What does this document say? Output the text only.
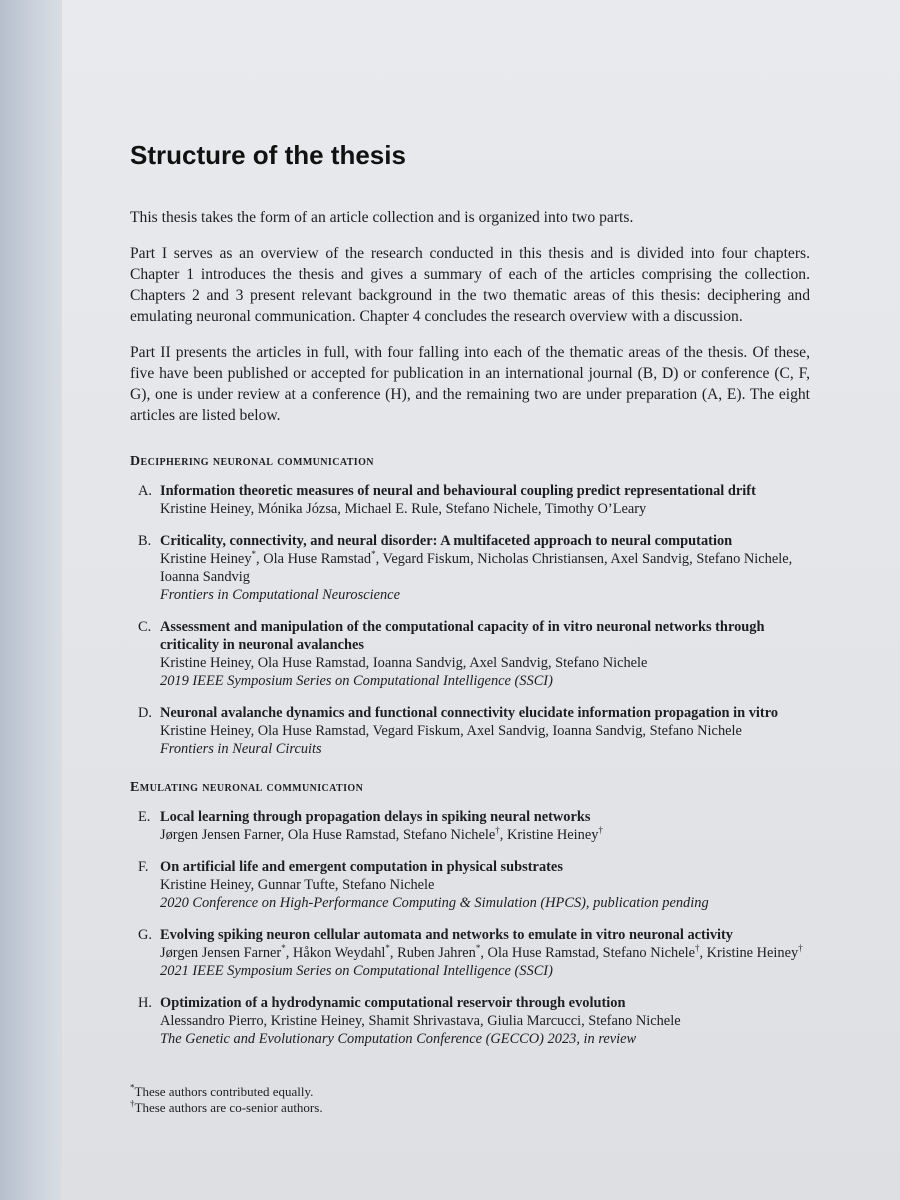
Structure of the thesis

This thesis takes the form of an article collection and is organized into two parts.

Part I serves as an overview of the research conducted in this thesis and is divided into four chapters. Chapter 1 introduces the thesis and gives a summary of each of the articles comprising the collection. Chapters 2 and 3 present relevant background in the two thematic areas of this thesis: deciphering and emulating neuronal communication. Chapter 4 concludes the research overview with a discussion.

Part II presents the articles in full, with four falling into each of the thematic areas of the thesis. Of these, five have been published or accepted for publication in an international journal (B, D) or conference (C, F, G), one is under review at a conference (H), and the remaining two are under preparation (A, E). The eight articles are listed below.

Deciphering neuronal communication
A. Information theoretic measures of neural and behavioural coupling predict representational drift
Kristine Heiney, Mónika Józsa, Michael E. Rule, Stefano Nichele, Timothy O’Leary
B. Criticality, connectivity, and neural disorder: A multifaceted approach to neural computation
Kristine Heiney*, Ola Huse Ramstad*, Vegard Fiskum, Nicholas Christiansen, Axel Sandvig, Stefano Nichele, Ioanna Sandvig
Frontiers in Computational Neuroscience
C. Assessment and manipulation of the computational capacity of in vitro neuronal networks through criticality in neuronal avalanches
Kristine Heiney, Ola Huse Ramstad, Ioanna Sandvig, Axel Sandvig, Stefano Nichele
2019 IEEE Symposium Series on Computational Intelligence (SSCI)
D. Neuronal avalanche dynamics and functional connectivity elucidate information propagation in vitro
Kristine Heiney, Ola Huse Ramstad, Vegard Fiskum, Axel Sandvig, Ioanna Sandvig, Stefano Nichele
Frontiers in Neural Circuits
Emulating neuronal communication
E. Local learning through propagation delays in spiking neural networks
Jørgen Jensen Farner, Ola Huse Ramstad, Stefano Nichele†, Kristine Heiney†
F. On artificial life and emergent computation in physical substrates
Kristine Heiney, Gunnar Tufte, Stefano Nichele
2020 Conference on High-Performance Computing & Simulation (HPCS), publication pending
G. Evolving spiking neuron cellular automata and networks to emulate in vitro neuronal activity
Jørgen Jensen Farner*, Håkon Weydahl*, Ruben Jahren*, Ola Huse Ramstad, Stefano Nichele†, Kristine Heiney†
2021 IEEE Symposium Series on Computational Intelligence (SSCI)
H. Optimization of a hydrodynamic computational reservoir through evolution
Alessandro Pierro, Kristine Heiney, Shamit Shrivastava, Giulia Marcucci, Stefano Nichele
The Genetic and Evolutionary Computation Conference (GECCO) 2023, in review
*These authors contributed equally.
†These authors are co-senior authors.
